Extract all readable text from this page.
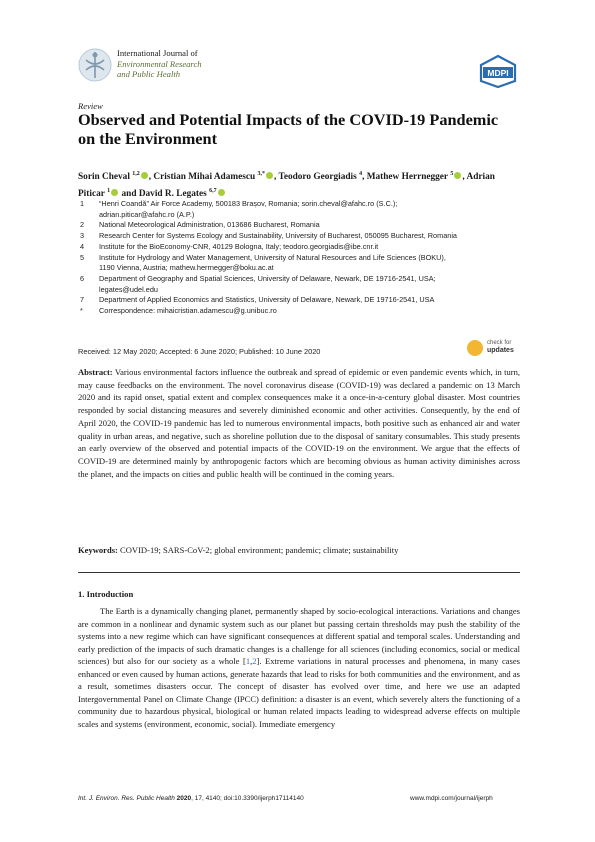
International Journal of
Environmental Research
and Public Health	MDPI
Review
Observed and Potential Impacts of the COVID-19 Pandemic on the Environment
Sorin Cheval $^{1,2}$ , Cristian Mihai Adamescu $^{3,*}$ , Teodoro Georgiadis $^4$, Mathew Herrnegger $^5$ , Adrian Piticar $^1$ and David R. Legates $^{6,7}$
1	“Henri Coandă” Air Force Academy, 500183 Brașov, Romania; sorin.cheval@afahc.ro (S.C.);
adrian.piticar@afahc.ro (A.P.)
2	National Meteorological Administration, 013686 Bucharest, Romania
3	Research Center for Systems Ecology and Sustainability, University of Bucharest, 050095 Bucharest, Romania
4	Institute for the BioEconomy-CNR, 40129 Bologna, Italy; teodoro.georgiadis@ibe.cnr.it
5	Institute for Hydrology and Water Management, University of Natural Resources and Life Sciences (BOKU),
1190 Vienna, Austria; mathew.herrnegger@boku.ac.at
6	Department of Geography and Spatial Sciences, University of Delaware, Newark, DE 19716-2541, USA;
legates@udel.edu
7	Department of Applied Economics and Statistics, University of Delaware, Newark, DE 19716-2541, USA
*	Correspondence: mihaicristian.adamescu@g.unibuc.ro
Received: 12 May 2020; Accepted: 6 June 2020; Published: 10 June 2020
check for
updates
Abstract: Various environmental factors influence the outbreak and spread of epidemic or even pandemic events which, in turn, may cause feedbacks on the environment. The novel coronavirus disease (COVID-19) was declared a pandemic on 13 March 2020 and its rapid onset, spatial extent and complex consequences make it a once-in-a-century global disaster. Most countries responded by social distancing measures and severely diminished economic and other activities. Consequently, by the end of April 2020, the COVID-19 pandemic has led to numerous environmental impacts, both positive such as enhanced air and water quality in urban areas, and negative, such as shoreline pollution due to the disposal of sanitary consumables. This study presents an early overview of the observed and potential impacts of the COVID-19 on the environment. We argue that the effects of COVID-19 are determined mainly by anthropogenic factors which are becoming obvious as human activity diminishes across the planet, and the impacts on cities and public health will be continued in the coming years.
Keywords: COVID-19; SARS-CoV-2; global environment; pandemic; climate; sustainability
1. Introduction
The Earth is a dynamically changing planet, permanently shaped by socio-ecological interactions. Variations and changes are common in a nonlinear and dynamic system such as our planet but passing certain thresholds may push the stability of the systems into a new regime which can have significant consequences at different spatial and temporal scales. Understanding and early prediction of the impacts of such dramatic changes is a challenge for all sciences (including economics, social or medical sciences) but also for our society as a whole [1,2]. Extreme variations in natural processes and phenomena, in many cases enhanced or even caused by human actions, generate hazards that lead to risks for both communities and the environment, and as a result, sometimes disasters occur. The concept of disaster has evolved over time, and here we use an adapted Intergovernmental Panel on Climate Change (IPCC) definition: a disaster is an event, which severely alters the functioning of a community due to hazardous physical, biological or human related impacts leading to widespread adverse effects on multiple scales and systems (environment, economic, social). Immediate emergency
Int. J. Environ. Res. Public Health 2020, 17, 4140; doi:10.3390/ijerph17114140	www.mdpi.com/journal/ijerph
